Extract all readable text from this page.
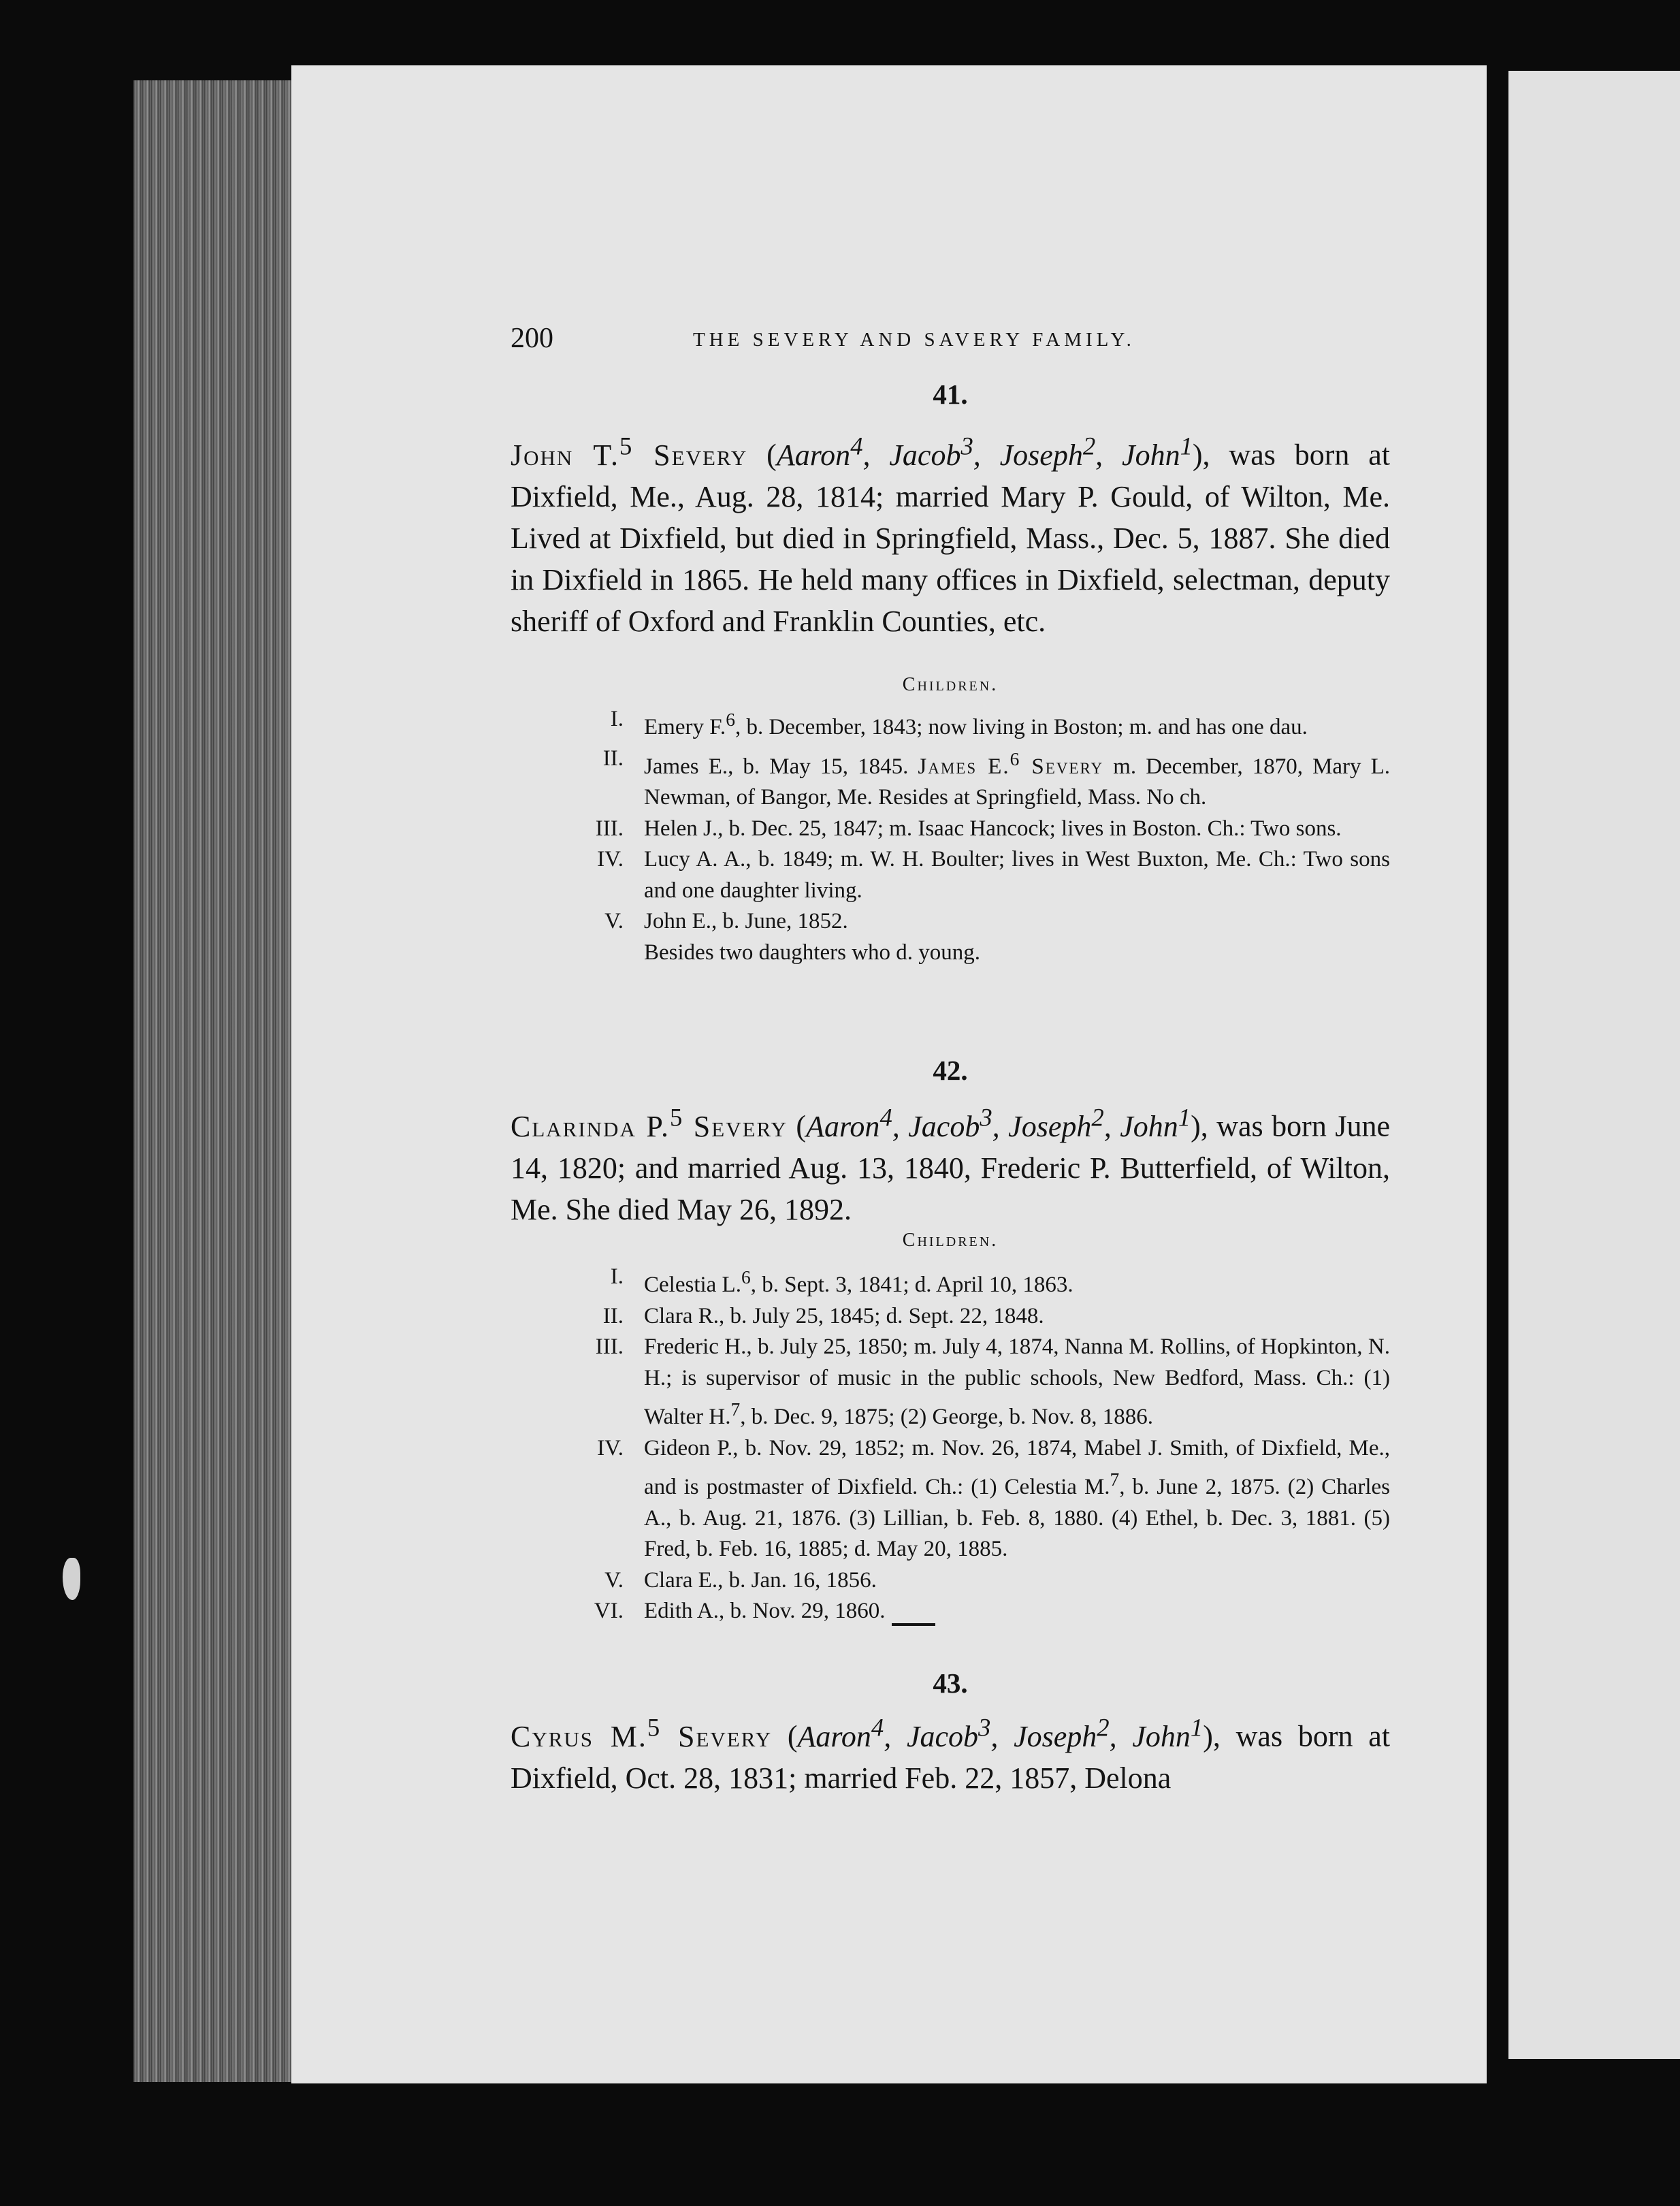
200	THE SEVERY AND SAVERY FAMILY.
41.

John T.$^5$ Severy (Aaron$^4$, Jacob$^3$, Joseph$^2$, John$^1$), was born at Dixfield, Me., Aug. 28, 1814; married Mary P. Gould, of Wilton, Me. Lived at Dixfield, but died in Springfield, Mass., Dec. 5, 1887. She died in Dixfield in 1865. He held many offices in Dixfield, selectman, deputy sheriff of Oxford and Franklin Counties, etc.

Children.
I. Emery F.$^6$, b. December, 1843; now living in Boston; m. and has one dau.
II. James E., b. May 15, 1845. James E.$^6$ Severy m. December, 1870, Mary L. Newman, of Bangor, Me. Resides at Springfield, Mass. No ch.
III. Helen J., b. Dec. 25, 1847; m. Isaac Hancock; lives in Boston. Ch.: Two sons.
IV. Lucy A. A., b. 1849; m. W. H. Boulter; lives in West Buxton, Me. Ch.: Two sons and one daughter living.
V. John E., b. June, 1852.
Besides two daughters who d. young.
42.

Clarinda P.$^5$ Severy (Aaron$^4$, Jacob$^3$, Joseph$^2$, John$^1$), was born June 14, 1820; and married Aug. 13, 1840, Frederic P. Butterfield, of Wilton, Me. She died May 26, 1892.

Children.
I. Celestia L.$^6$, b. Sept. 3, 1841; d. April 10, 1863.
II. Clara R., b. July 25, 1845; d. Sept. 22, 1848.
III. Frederic H., b. July 25, 1850; m. July 4, 1874, Nanna M. Rollins, of Hopkinton, N. H.; is supervisor of music in the public schools, New Bedford, Mass. Ch.: (1) Walter H.$^7$, b. Dec. 9, 1875; (2) George, b. Nov. 8, 1886.
IV. Gideon P., b. Nov. 29, 1852; m. Nov. 26, 1874, Mabel J. Smith, of Dixfield, Me., and is postmaster of Dixfield. Ch.: (1) Celestia M.$^7$, b. June 2, 1875. (2) Charles A., b. Aug. 21, 1876. (3) Lillian, b. Feb. 8, 1880. (4) Ethel, b. Dec. 3, 1881. (5) Fred, b. Feb. 16, 1885; d. May 20, 1885.
V. Clara E., b. Jan. 16, 1856.
VI. Edith A., b. Nov. 29, 1860.
43.

Cyrus M.$^5$ Severy (Aaron$^4$, Jacob$^3$, Joseph$^2$, John$^1$), was born at Dixfield, Oct. 28, 1831; married Feb. 22, 1857, Delona
